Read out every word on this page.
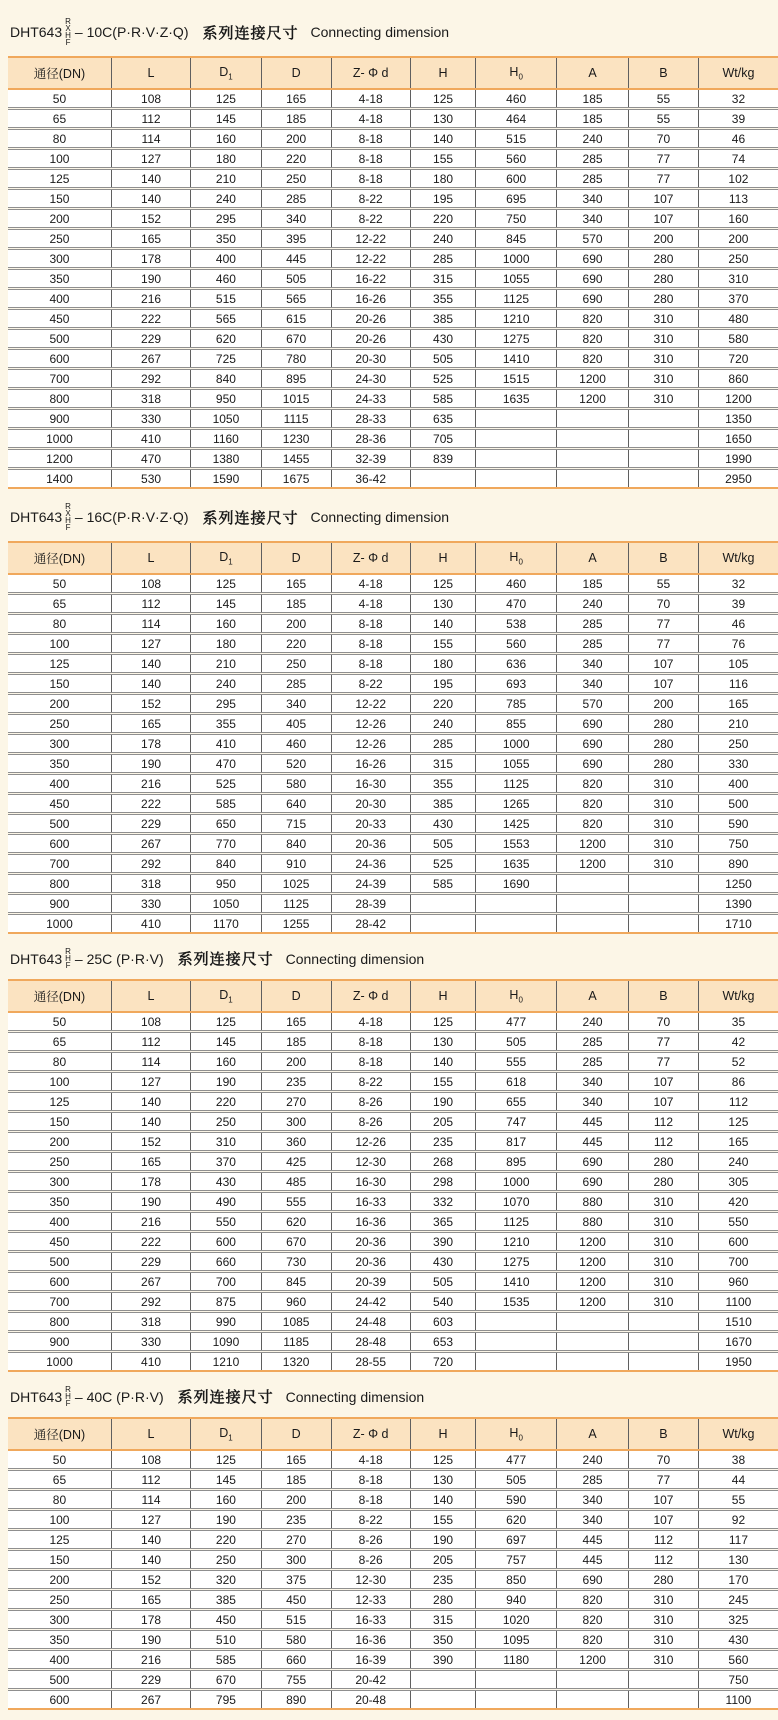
DHT643
R
X
H
F
– 10C(P·R·V·Z·Q) 系列连接尺寸 Connecting dimension
通径(DN)	L	$D_1$	D	Z- Φ d	H	$H_0$	A	B	Wt/kg
50	108	125	165	4-18	125	460	185	55	32
65	112	145	185	4-18	130	464	185	55	39
80	114	160	200	8-18	140	515	240	70	46
100	127	180	220	8-18	155	560	285	77	74
125	140	210	250	8-18	180	600	285	77	102
150	140	240	285	8-22	195	695	340	107	113
200	152	295	340	8-22	220	750	340	107	160
250	165	350	395	12-22	240	845	570	200	200
300	178	400	445	12-22	285	1000	690	280	250
350	190	460	505	16-22	315	1055	690	280	310
400	216	515	565	16-26	355	1125	690	280	370
450	222	565	615	20-26	385	1210	820	310	480
500	229	620	670	20-26	430	1275	820	310	580
600	267	725	780	20-30	505	1410	820	310	720
700	292	840	895	24-30	525	1515	1200	310	860
800	318	950	1015	24-33	585	1635	1200	310	1200
900	330	1050	1115	28-33	635				1350
1000	410	1160	1230	28-36	705				1650
1200	470	1380	1455	32-39	839				1990
1400	530	1590	1675	36-42					2950
DHT643
R
X
H
F
– 16C(P·R·V·Z·Q) 系列连接尺寸 Connecting dimension
通径(DN)	L	$D_1$	D	Z- Φ d	H	$H_0$	A	B	Wt/kg
50	108	125	165	4-18	125	460	185	55	32
65	112	145	185	4-18	130	470	240	70	39
80	114	160	200	8-18	140	538	285	77	46
100	127	180	220	8-18	155	560	285	77	76
125	140	210	250	8-18	180	636	340	107	105
150	140	240	285	8-22	195	693	340	107	116
200	152	295	340	12-22	220	785	570	200	165
250	165	355	405	12-26	240	855	690	280	210
300	178	410	460	12-26	285	1000	690	280	250
350	190	470	520	16-26	315	1055	690	280	330
400	216	525	580	16-30	355	1125	820	310	400
450	222	585	640	20-30	385	1265	820	310	500
500	229	650	715	20-33	430	1425	820	310	590
600	267	770	840	20-36	505	1553	1200	310	750
700	292	840	910	24-36	525	1635	1200	310	890
800	318	950	1025	24-39	585	1690			1250
900	330	1050	1125	28-39					1390
1000	410	1170	1255	28-42					1710
DHT643 R
H
F – 25C (P·R·V) 系列连接尺寸 Connecting dimension
通径(DN)	L	$D_1$	D	Z- Φ d	H	$H_0$	A	B	Wt/kg
50	108	125	165	4-18	125	477	240	70	35
65	112	145	185	8-18	130	505	285	77	42
80	114	160	200	8-18	140	555	285	77	52
100	127	190	235	8-22	155	618	340	107	86
125	140	220	270	8-26	190	655	340	107	112
150	140	250	300	8-26	205	747	445	112	125
200	152	310	360	12-26	235	817	445	112	165
250	165	370	425	12-30	268	895	690	280	240
300	178	430	485	16-30	298	1000	690	280	305
350	190	490	555	16-33	332	1070	880	310	420
400	216	550	620	16-36	365	1125	880	310	550
450	222	600	670	20-36	390	1210	1200	310	600
500	229	660	730	20-36	430	1275	1200	310	700
600	267	700	845	20-39	505	1410	1200	310	960
700	292	875	960	24-42	540	1535	1200	310	1100
800	318	990	1085	24-48	603				1510
900	330	1090	1185	28-48	653				1670
1000	410	1210	1320	28-55	720				1950
DHT643 R
H
F – 40C (P·R·V) 系列连接尺寸 Connecting dimension
通径(DN)	L	$D_1$	D	Z- Φ d	H	$H_0$	A	B	Wt/kg
50	108	125	165	4-18	125	477	240	70	38
65	112	145	185	8-18	130	505	285	77	44
80	114	160	200	8-18	140	590	340	107	55
100	127	190	235	8-22	155	620	340	107	92
125	140	220	270	8-26	190	697	445	112	117
150	140	250	300	8-26	205	757	445	112	130
200	152	320	375	12-30	235	850	690	280	170
250	165	385	450	12-33	280	940	820	310	245
300	178	450	515	16-33	315	1020	820	310	325
350	190	510	580	16-36	350	1095	820	310	430
400	216	585	660	16-39	390	1180	1200	310	560
500	229	670	755	20-42					750
600	267	795	890	20-48					1100
